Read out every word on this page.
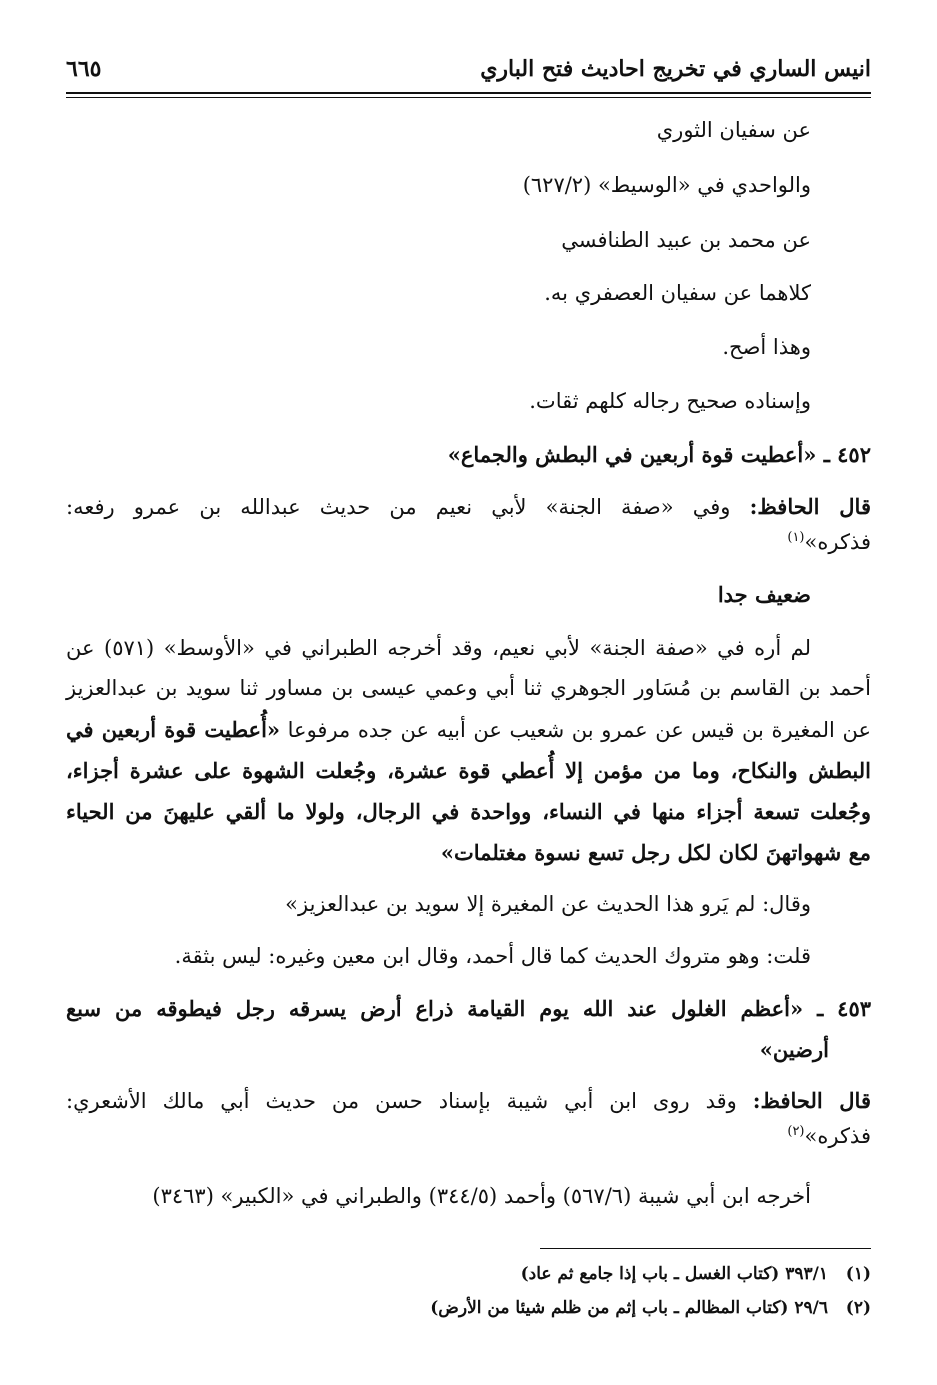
انيس الساري في تخريج احاديث فتح الباري
٦٦٥
عن سفيان الثوري
والواحدي في «الوسيط» (٦٢٧/٢)
عن محمد بن عبيد الطنافسي
كلاهما عن سفيان العصفري به.
وهذا أصح.
وإسناده صحيح رجاله كلهم ثقات.
٤٥٢ ـ «أعطيت قوة أربعين في البطش والجماع»
قال الحافظ: وفي «صفة الجنة» لأبي نعيم من حديث عبدالله بن عمرو رفعه:
فذكره»$^{(١)}$
ضعيف جدا
لم أره في «صفة الجنة» لأبي نعيم، وقد أخرجه الطبراني في «الأوسط» (٥٧١) عن
أحمد بن القاسم بن مُسَاور الجوهري ثنا أبي وعمي عيسى بن مساور ثنا سويد بن عبدالعزيز
عن المغيرة بن قيس عن عمرو بن شعيب عن أبيه عن جده مرفوعا «أُعطيت قوة أربعين في
البطش والنكاح، وما من مؤمن إلا أُعطي قوة عشرة، وجُعلت الشهوة على عشرة أجزاء،
وجُعلت تسعة أجزاء منها في النساء، وواحدة في الرجال، ولولا ما ألقي عليهنَ من الحياء
مع شهواتهنَ لكان لكل رجل تسع نسوة مغتلمات»
وقال: لم يَرو هذا الحديث عن المغيرة إلا سويد بن عبدالعزيز»
قلت: وهو متروك الحديث كما قال أحمد، وقال ابن معين وغيره: ليس بثقة.
٤٥٣ ـ «أعظم الغلول عند الله يوم القيامة ذراع أرض يسرقه رجل فيطوقه من سبع
أرضين»
قال الحافظ: وقد روى ابن أبي شيبة بإسناد حسن من حديث أبي مالك الأشعري:
فذكره»$^{(٢)}$
أخرجه ابن أبي شيبة (٥٦٧/٦) وأحمد (٣٤٤/٥) والطبراني في «الكبير» (٣٤٦٣)
(١)   ٣٩٣/١ (كتاب الغسل ـ باب إذا جامع ثم عاد)
(٢)   ٢٩/٦ (كتاب المظالم ـ باب إثم من ظلم شيئا من الأرض)
